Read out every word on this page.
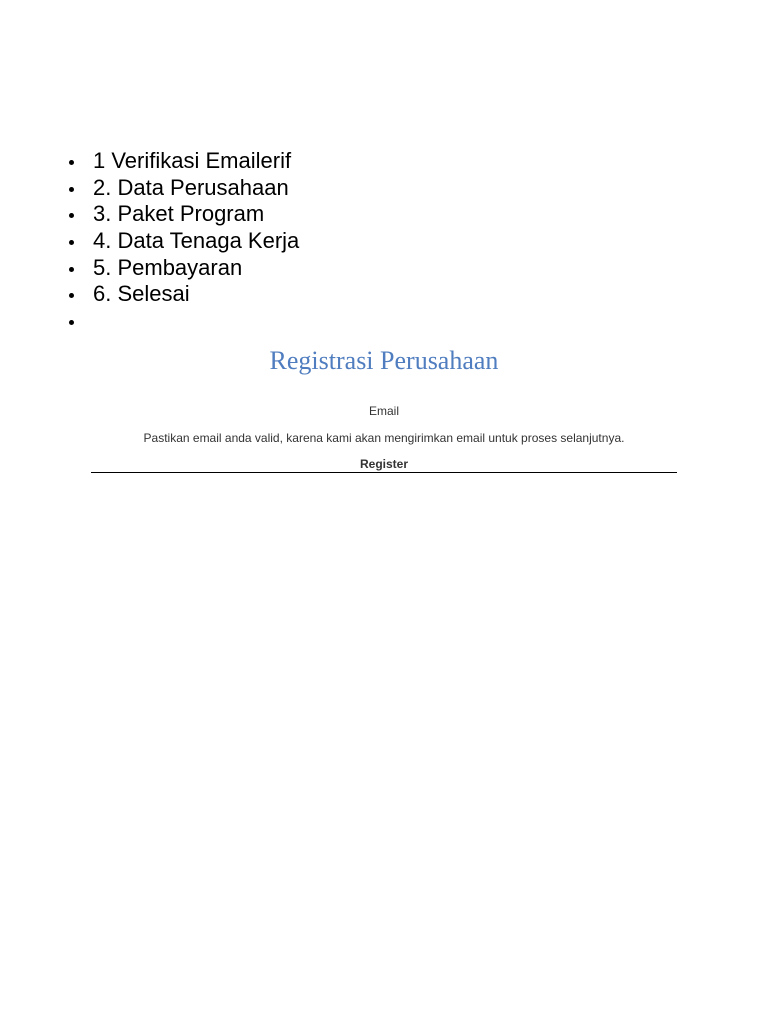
1 Verifikasi Emailerif
2. Data Perusahaan
3. Paket Program
4. Data Tenaga Kerja
5. Pembayaran
6. Selesai
Registrasi Perusahaan
Email
Pastikan email anda valid, karena kami akan mengirimkan email untuk proses selanjutnya.
Register
